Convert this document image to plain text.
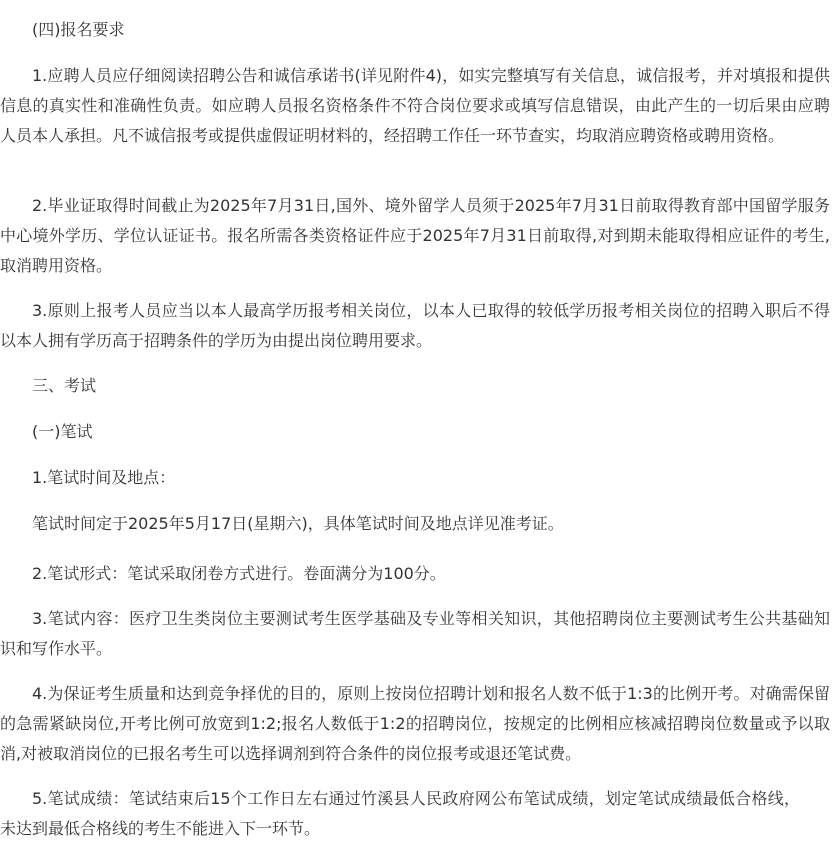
(四)报名要求

1.应聘人员应仔细阅读招聘公告和诚信承诺书(详见附件4)，如实完整填写有关信息，诚信报考，并对填报和提供信息的真实性和准确性负责。如应聘人员报名资格条件不符合岗位要求或填写信息错误，由此产生的一切后果由应聘人员本人承担。凡不诚信报考或提供虚假证明材料的，经招聘工作任一环节查实，均取消应聘资格或聘用资格。

2.毕业证取得时间截止为2025年7月31日,国外、境外留学人员须于2025年7月31日前取得教育部中国留学服务中心境外学历、学位认证证书。报名所需各类资格证件应于2025年7月31日前取得,对到期未能取得相应证件的考生,取消聘用资格。

3.原则上报考人员应当以本人最高学历报考相关岗位，以本人已取得的较低学历报考相关岗位的招聘入职后不得以本人拥有学历高于招聘条件的学历为由提出岗位聘用要求。

三、考试

(一)笔试

1.笔试时间及地点：

笔试时间定于2025年5月17日(星期六)，具体笔试时间及地点详见准考证。

2.笔试形式：笔试采取闭卷方式进行。卷面满分为100分。

3.笔试内容：医疗卫生类岗位主要测试考生医学基础及专业等相关知识，其他招聘岗位主要测试考生公共基础知识和写作水平。

4.为保证考生质量和达到竞争择优的目的，原则上按岗位招聘计划和报名人数不低于1:3的比例开考。对确需保留的急需紧缺岗位,开考比例可放宽到1:2;报名人数低于1:2的招聘岗位，按规定的比例相应核减招聘岗位数量或予以取消,对被取消岗位的已报名考生可以选择调剂到符合条件的岗位报考或退还笔试费。

5.笔试成绩：笔试结束后15个工作日左右通过竹溪县人民政府网公布笔试成绩，划定笔试成绩最低合格线，未达到最低合格线的考生不能进入下一环节。
